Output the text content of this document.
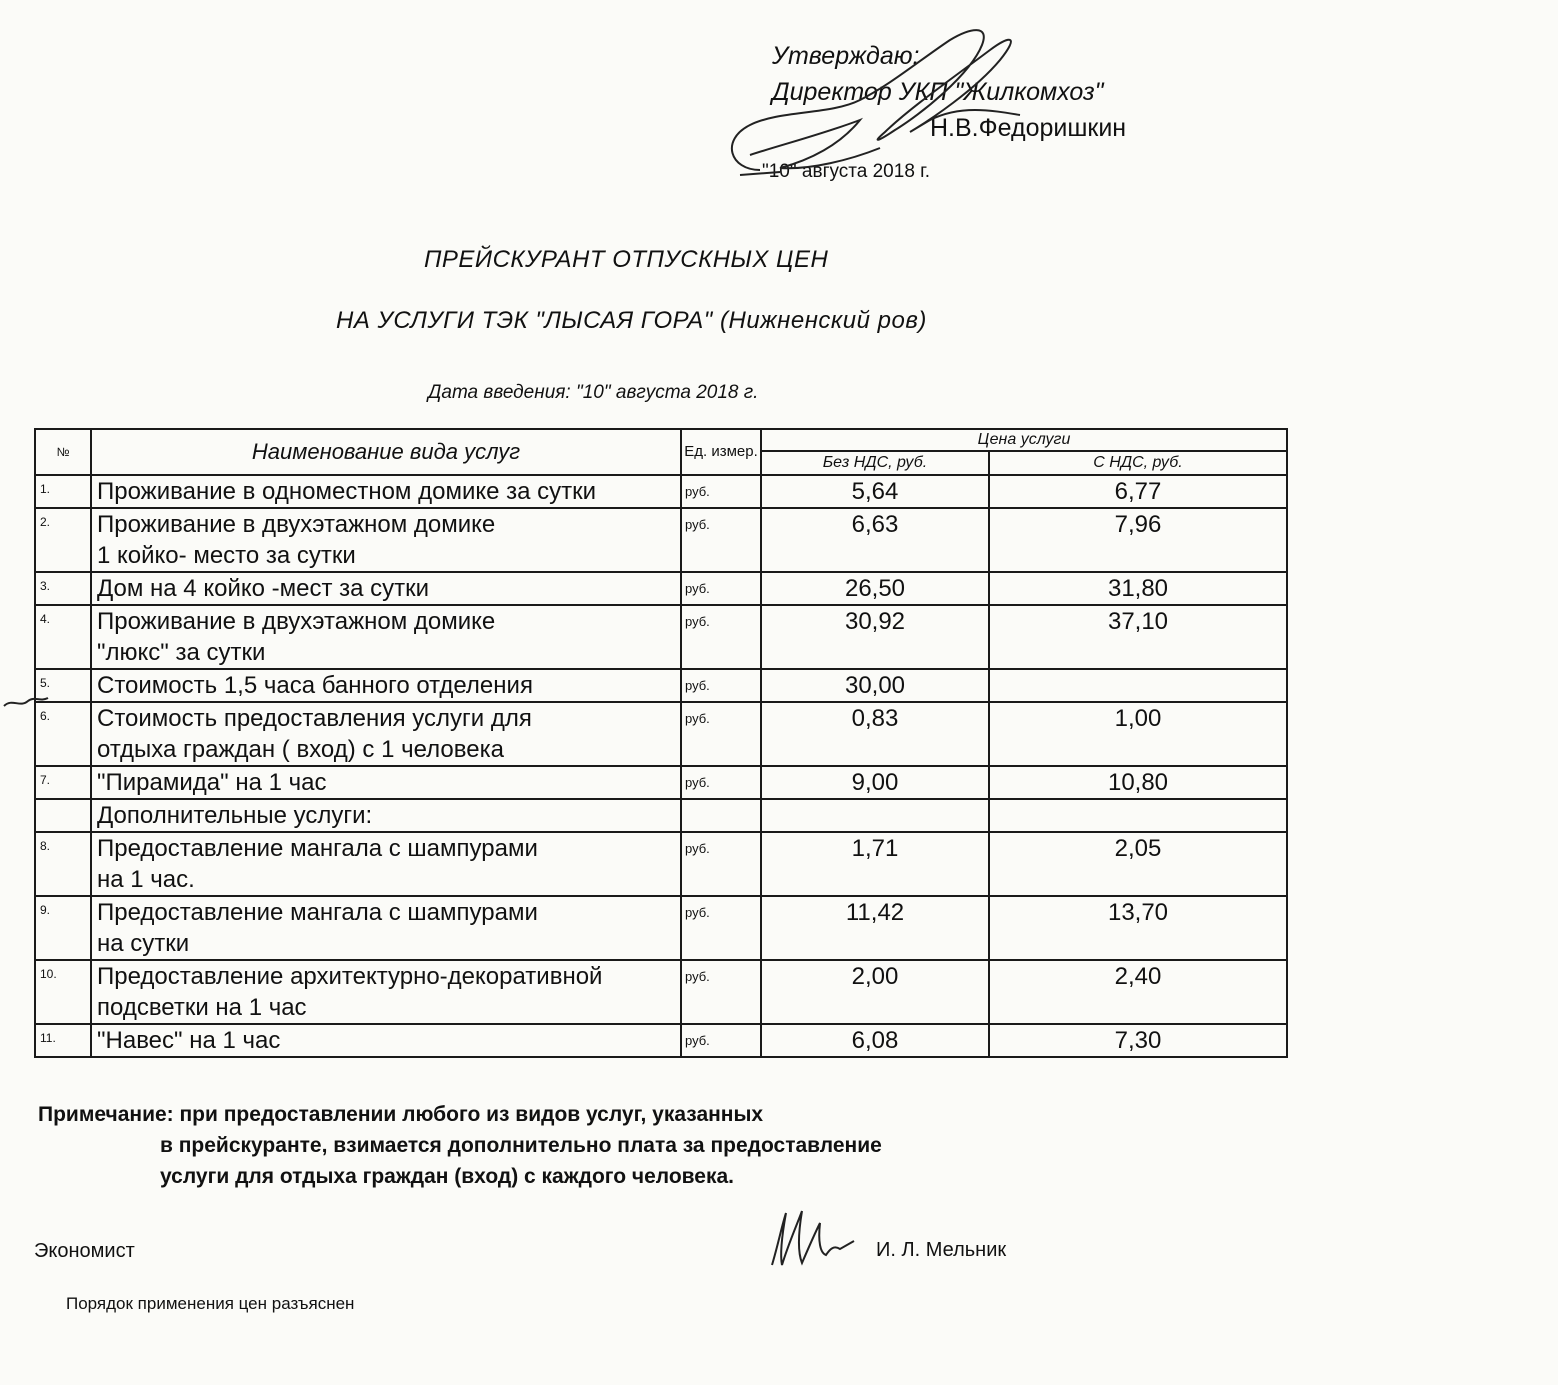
Утверждаю:
Директор УКП "Жилкомхоз"
Н.В.Федоришкин
"10" августа 2018 г.
ПРЕЙСКУРАНТ ОТПУСКНЫХ ЦЕН
НА УСЛУГИ ТЭК "ЛЫСАЯ ГОРА" (Нижненский ров)
Дата введения: "10" августа 2018 г.
№	Наименование вида услуг	Ед. измер.	Цена услуги	
			Без НДС, руб.	С НДС, руб.
1.	Проживание в одноместном домике за сутки	руб.	5,64	6,77
2.	Проживание в двухэтажном домике
1 койко- место за сутки	руб.	6,63	7,96
3.	Дом на 4 койко -мест за сутки	руб.	26,50	31,80
4.	Проживание в двухэтажном домике
"люкс" за сутки	руб.	30,92	37,10
5.	Стоимость 1,5 часа банного отделения	руб.	30,00	
6.	Стоимость предоставления услуги для
отдыха граждан ( вход) с 1 человека	руб.	0,83	1,00
7.	"Пирамида" на 1 час	руб.	9,00	10,80
	Дополнительные услуги:			
8.	Предоставление мангала с шампурами
на 1 час.	руб.	1,71	2,05
9.	Предоставление мангала с шампурами
на сутки	руб.	11,42	13,70
10.	Предоставление архитектурно-декоративной
подсветки на 1 час	руб.	2,00	2,40
11.	"Навес" на 1 час	руб.	6,08	7,30
Примечание: при предоставлении любого из видов услуг, указанных
в прейскуранте, взимается дополнительно плата за предоставление
услуги для отдыха граждан (вход) с каждого человека.
Экономист	И. Л. Мельник
Порядок применения цен разъяснен
